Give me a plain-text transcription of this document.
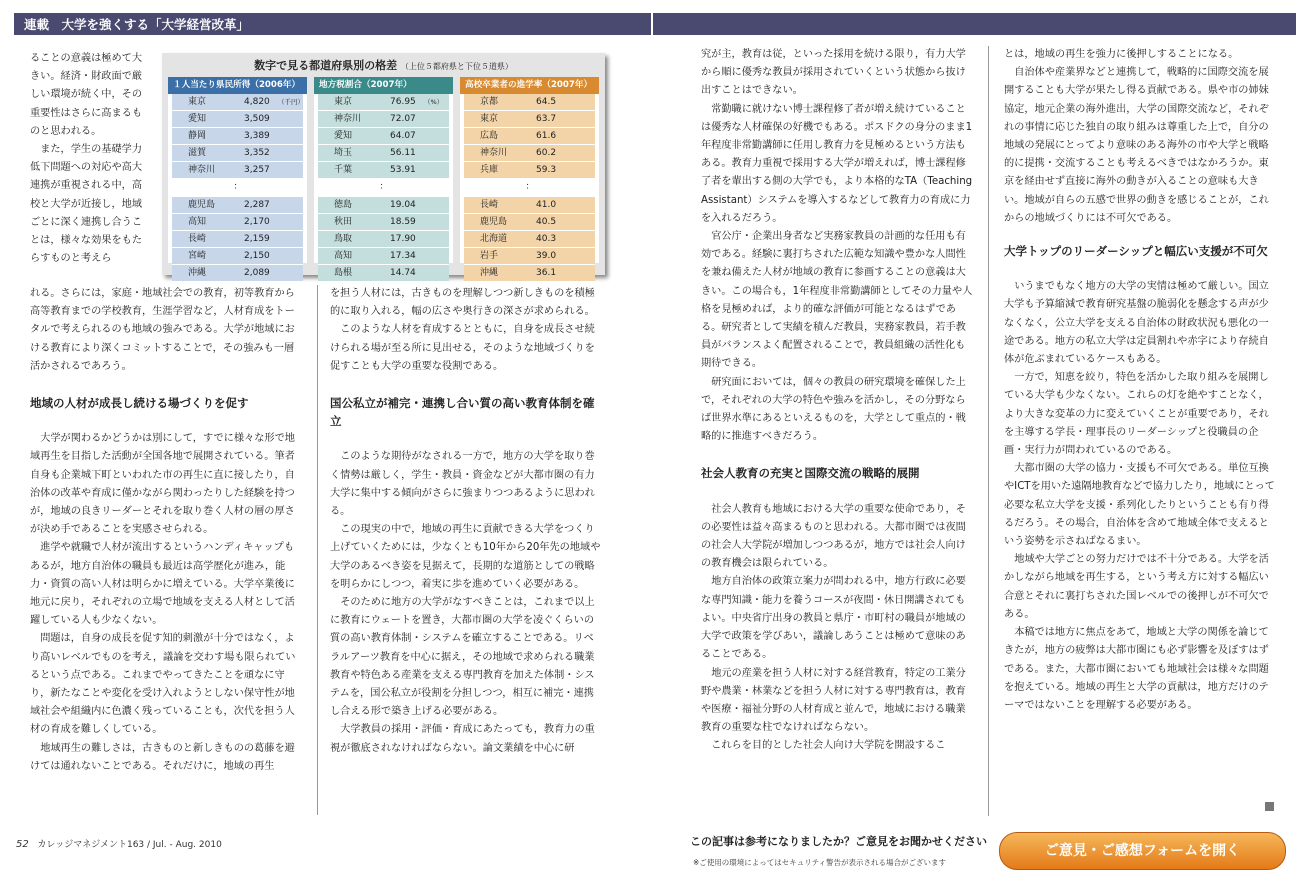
連載　大学を強くする「大学経営改革」
数字で見る都道府県別の格差 （上位５都府県と下位５道県）
１人当たり県民所得（2006年）
東京	4,820 （千円）
愛知	3,509
静岡	3,389
滋賀	3,352
神奈川	3,257
：
鹿児島	2,287
高知	2,170
長崎	2,159
宮崎	2,150
沖縄	2,089
地方税割合（2007年）
東京	76.95 （%）
神奈川	72.07
愛知	64.07
埼玉	56.11
千葉	53.91
：
徳島	19.04
秋田	18.59
鳥取	17.90
高知	17.34
島根	14.74
高校卒業者の進学率（2007年）
京都	64.5
東京	63.7
広島	61.6
神奈川	60.2
兵庫	59.3
：
長崎	41.0
鹿児島	40.5
北海道	40.3
岩手	39.0
沖縄	36.1

ることの意義は極めて大きい。経済・財政面で厳しい環境が続く中，その重要性はさらに高まるものと思われる。

また，学生の基礎学力低下問題への対応や高大連携が重視される中，高校と大学が近接し，地域ごとに深く連携し合うことは，様々な効果をもたらすものと考えら

れる。さらには，家庭・地域社会での教育，初等教育から高等教育までの学校教育，生涯学習など，人材育成をトータルで考えられるのも地域の強みである。大学が地域における教育により深くコミットすることで，その強みも一層活かされるであろう。

地域の人材が成長し続ける場づくりを促す

大学が関わるかどうかは別にして，すでに様々な形で地域再生を目指した活動が全国各地で展開されている。筆者自身も企業城下町といわれた市の再生に直に接したり，自治体の改革や育成に僅かながら関わったりした経験を持つが，地域の良きリーダーとそれを取り巻く人材の層の厚さが決め手であることを実感させられる。

進学や就職で人材が流出するというハンディキャップもあるが，地方自治体の職員も最近は高学歴化が進み，能力・資質の高い人材は明らかに増えている。大学卒業後に地元に戻り，それぞれの立場で地域を支える人材として活躍している人も少なくない。

問題は，自身の成長を促す知的刺激が十分ではなく，より高いレベルでものを考え，議論を交わす場も限られているという点である。これまでやってきたことを頑なに守り，新たなことや変化を受け入れようとしない保守性が地域社会や組織内に色濃く残っていることも，次代を担う人材の育成を難しくしている。

地域再生の難しさは，古きものと新しきものの葛藤を避けては通れないことである。それだけに，地域の再生

を担う人材には，古きものを理解しつつ新しきものを積極的に取り入れる，幅の広さや奥行きの深さが求められる。

このような人材を育成するとともに，自身を成長させ続けられる場が至る所に見出せる，そのような地域づくりを促すことも大学の重要な役割である。

国公私立が補完・連携し合い質の高い教育体制を確立

このような期待がなされる一方で，地方の大学を取り巻く情勢は厳しく，学生・教員・資金などが大都市圏の有力大学に集中する傾向がさらに強まりつつあるように思われる。

この現実の中で，地域の再生に貢献できる大学をつくり上げていくためには，少なくとも10年から20年先の地域や大学のあるべき姿を見据えて，長期的な道筋としての戦略を明らかにしつつ，着実に歩を進めていく必要がある。

そのために地方の大学がなすべきことは，これまで以上に教育にウェートを置き，大都市圏の大学を凌ぐくらいの質の高い教育体制・システムを確立することである。リベラルアーツ教育を中心に据え，その地域で求められる職業教育や特色ある産業を支える専門教育を加えた体制・システムを，国公私立が役割を分担しつつ，相互に補完・連携し合える形で築き上げる必要がある。

大学教員の採用・評価・育成にあたっても，教育力の重視が徹底されなければならない。論文業績を中心に研

究が主，教育は従，といった採用を続ける限り，有力大学から順に優秀な教員が採用されていくという状態から抜け出すことはできない。

常勤職に就けない博士課程修了者が増え続けていることは優秀な人材確保の好機でもある。ポスドクの身分のまま1年程度非常勤講師に任用し教育力を見極めるという方法もある。教育力重視で採用する大学が増えれば，博士課程修了者を輩出する側の大学でも，より本格的なTA（Teaching Assistant）システムを導入するなどして教育力の育成に力を入れるだろう。

官公庁・企業出身者など実務家教員の計画的な任用も有効である。経験に裏打ちされた広範な知識や豊かな人間性を兼ね備えた人材が地域の教育に参画することの意義は大きい。この場合も，1年程度非常勤講師としてその力量や人格を見極めれば，より的確な評価が可能となるはずである。研究者として実績を積んだ教員，実務家教員，若手教員がバランスよく配置されることで，教員組織の活性化も期待できる。

研究面においては，個々の教員の研究環境を確保した上で，それぞれの大学の特色や強みを活かし，その分野ならば世界水準にあるといえるものを，大学として重点的・戦略的に推進すべきだろう。

社会人教育の充実と国際交流の戦略的展開

社会人教育も地域における大学の重要な使命であり，その必要性は益々高まるものと思われる。大都市圏では夜間の社会人大学院が増加しつつあるが，地方では社会人向けの教育機会は限られている。

地方自治体の政策立案力が問われる中，地方行政に必要な専門知識・能力を養うコースが夜間・休日開講されてもよい。中央省庁出身の教員と県庁・市町村の職員が地域の大学で政策を学びあい，議論しあうことは極めて意味のあることである。

地元の産業を担う人材に対する経営教育，特定の工業分野や農業・林業などを担う人材に対する専門教育は，教育や医療・福祉分野の人材育成と並んで，地域における職業教育の重要な柱でなければならない。

これらを目的とした社会人向け大学院を開設するこ

とは，地域の再生を強力に後押しすることになる。

自治体や産業界などと連携して，戦略的に国際交流を展開することも大学が果たし得る貢献である。県や市の姉妹協定，地元企業の海外進出，大学の国際交流など，それぞれの事情に応じた独自の取り組みは尊重した上で，自分の地域の発展にとってより意味のある海外の市や大学と戦略的に提携・交流することも考えるべきではなかろうか。東京を経由せず直接に海外の動きが入ることの意味も大きい。地域が自らの五感で世界の動きを感じることが，これからの地域づくりには不可欠である。

大学トップのリーダーシップと幅広い支援が不可欠

いうまでもなく地方の大学の実情は極めて厳しい。国立大学も予算縮減で教育研究基盤の脆弱化を懸念する声が少なくなく，公立大学を支える自治体の財政状況も悪化の一途である。地方の私立大学は定員割れや赤字により存続自体が危ぶまれているケースもある。

一方で，知恵を絞り，特色を活かした取り組みを展開している大学も少なくない。これらの灯を絶やすことなく，より大きな変革の力に変えていくことが重要であり，それを主導する学長・理事長のリーダーシップと役職員の企画・実行力が問われているのである。

大都市圏の大学の協力・支援も不可欠である。単位互換やICTを用いた遠隔地教育などで協力したり，地域にとって必要な私立大学を支援・系列化したりということも有り得るだろう。その場合，自治体を含めて地域全体で支えるという姿勢を示さねばなるまい。

地域や大学ごとの努力だけでは不十分である。大学を活かしながら地域を再生する，という考え方に対する幅広い合意とそれに裏打ちされた国レベルでの後押しが不可欠である。

本稿では地方に焦点をあて，地域と大学の関係を論じてきたが，地方の疲弊は大都市圏にも必ず影響を及ぼすはずである。また，大都市圏においても地域社会は様々な問題を抱えている。地域の再生と大学の貢献は，地方だけのテーマではないことを理解する必要がある。

52 カレッジマネジメント163 / Jul. - Aug. 2010	この記事は参考になりましたか？ご意見をお聞かせください
※ご使用の環境によってはセキュリティ警告が表示される場合がございます
ご意見・ご感想フォームを開く
